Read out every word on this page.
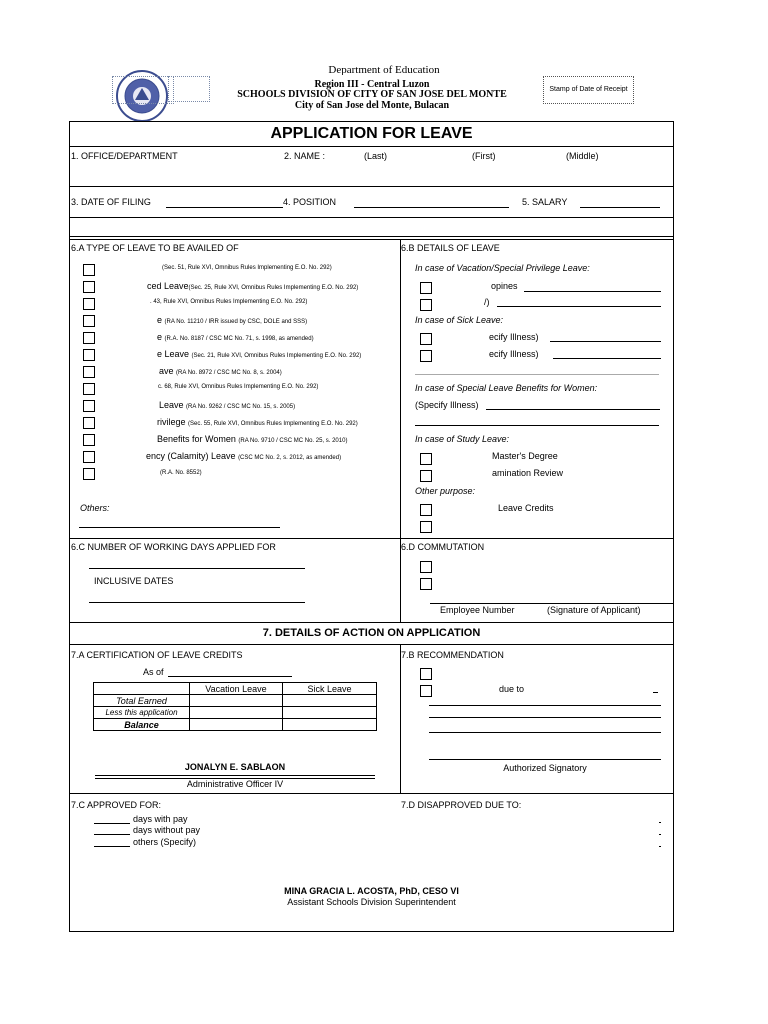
Department of Education
Region III - Central Luzon
SCHOOLS DIVISION OF CITY OF SAN JOSE DEL MONTE
City of San Jose del Monte, Bulacan
Stamp of Date of Receipt
APPLICATION FOR LEAVE
1. OFFICE/DEPARTMENT	2. NAME :	(Last)	(First)	(Middle)
3. DATE OF FILING	4. POSITION	5. SALARY
6.A TYPE OF LEAVE TO BE AVAILED OF
(Sec. 51, Rule XVI, Omnibus Rules Implementing E.O. No. 292)
ced Leave(Sec. 25, Rule XVI, Omnibus Rules Implementing E.O. No. 292)
. 43, Rule XVI, Omnibus Rules Implementing E.O. No. 292)
e (RA No. 11210 / IRR issued by CSC, DOLE and SSS)
e (R.A. No. 8187 / CSC MC No. 71, s. 1998, as amended)
e Leave (Sec. 21, Rule XVI, Omnibus Rules Implementing E.O. No. 292)
ave (RA No. 8972 / CSC MC No. 8, s. 2004)
c. 68, Rule XVI, Omnibus Rules Implementing E.O. No. 292)
Leave (RA No. 9262 / CSC MC No. 15, s. 2005)
rivilege (Sec. 55, Rule XVI, Omnibus Rules Implementing E.O. No. 292)
Benefits for Women (RA No. 9710 / CSC MC No. 25, s. 2010)
ency (Calamity) Leave (CSC MC No. 2, s. 2012, as amended)
(R.A. No. 8552)
Others:
6.B DETAILS OF LEAVE
In case of Vacation/Special Privilege Leave:
opines
/)
In case of Sick Leave:
ecify Illness)
ecify Illness)
In case of Special Leave Benefits for Women:
(Specify Illness)
In case of Study Leave:
Master's Degree
amination Review
Other purpose:
Leave Credits
6.C NUMBER OF WORKING DAYS APPLIED FOR
INCLUSIVE DATES
6.D COMMUTATION
Employee Number	(Signature of Applicant)
7. DETAILS OF ACTION ON APPLICATION
7.A CERTIFICATION OF LEAVE CREDITS
As of
	Vacation Leave	Sick Leave
Total Earned		
Less this application		
Balance		
JONALYN E. SABLAON
Administrative Officer IV
7.B RECOMMENDATION
due to
Authorized Signatory
7.C APPROVED FOR:
days with pay
days without pay
others (Specify)
7.D DISAPPROVED DUE TO:
MINA GRACIA L. ACOSTA, PhD, CESO VI
Assistant Schools Division Superintendent
